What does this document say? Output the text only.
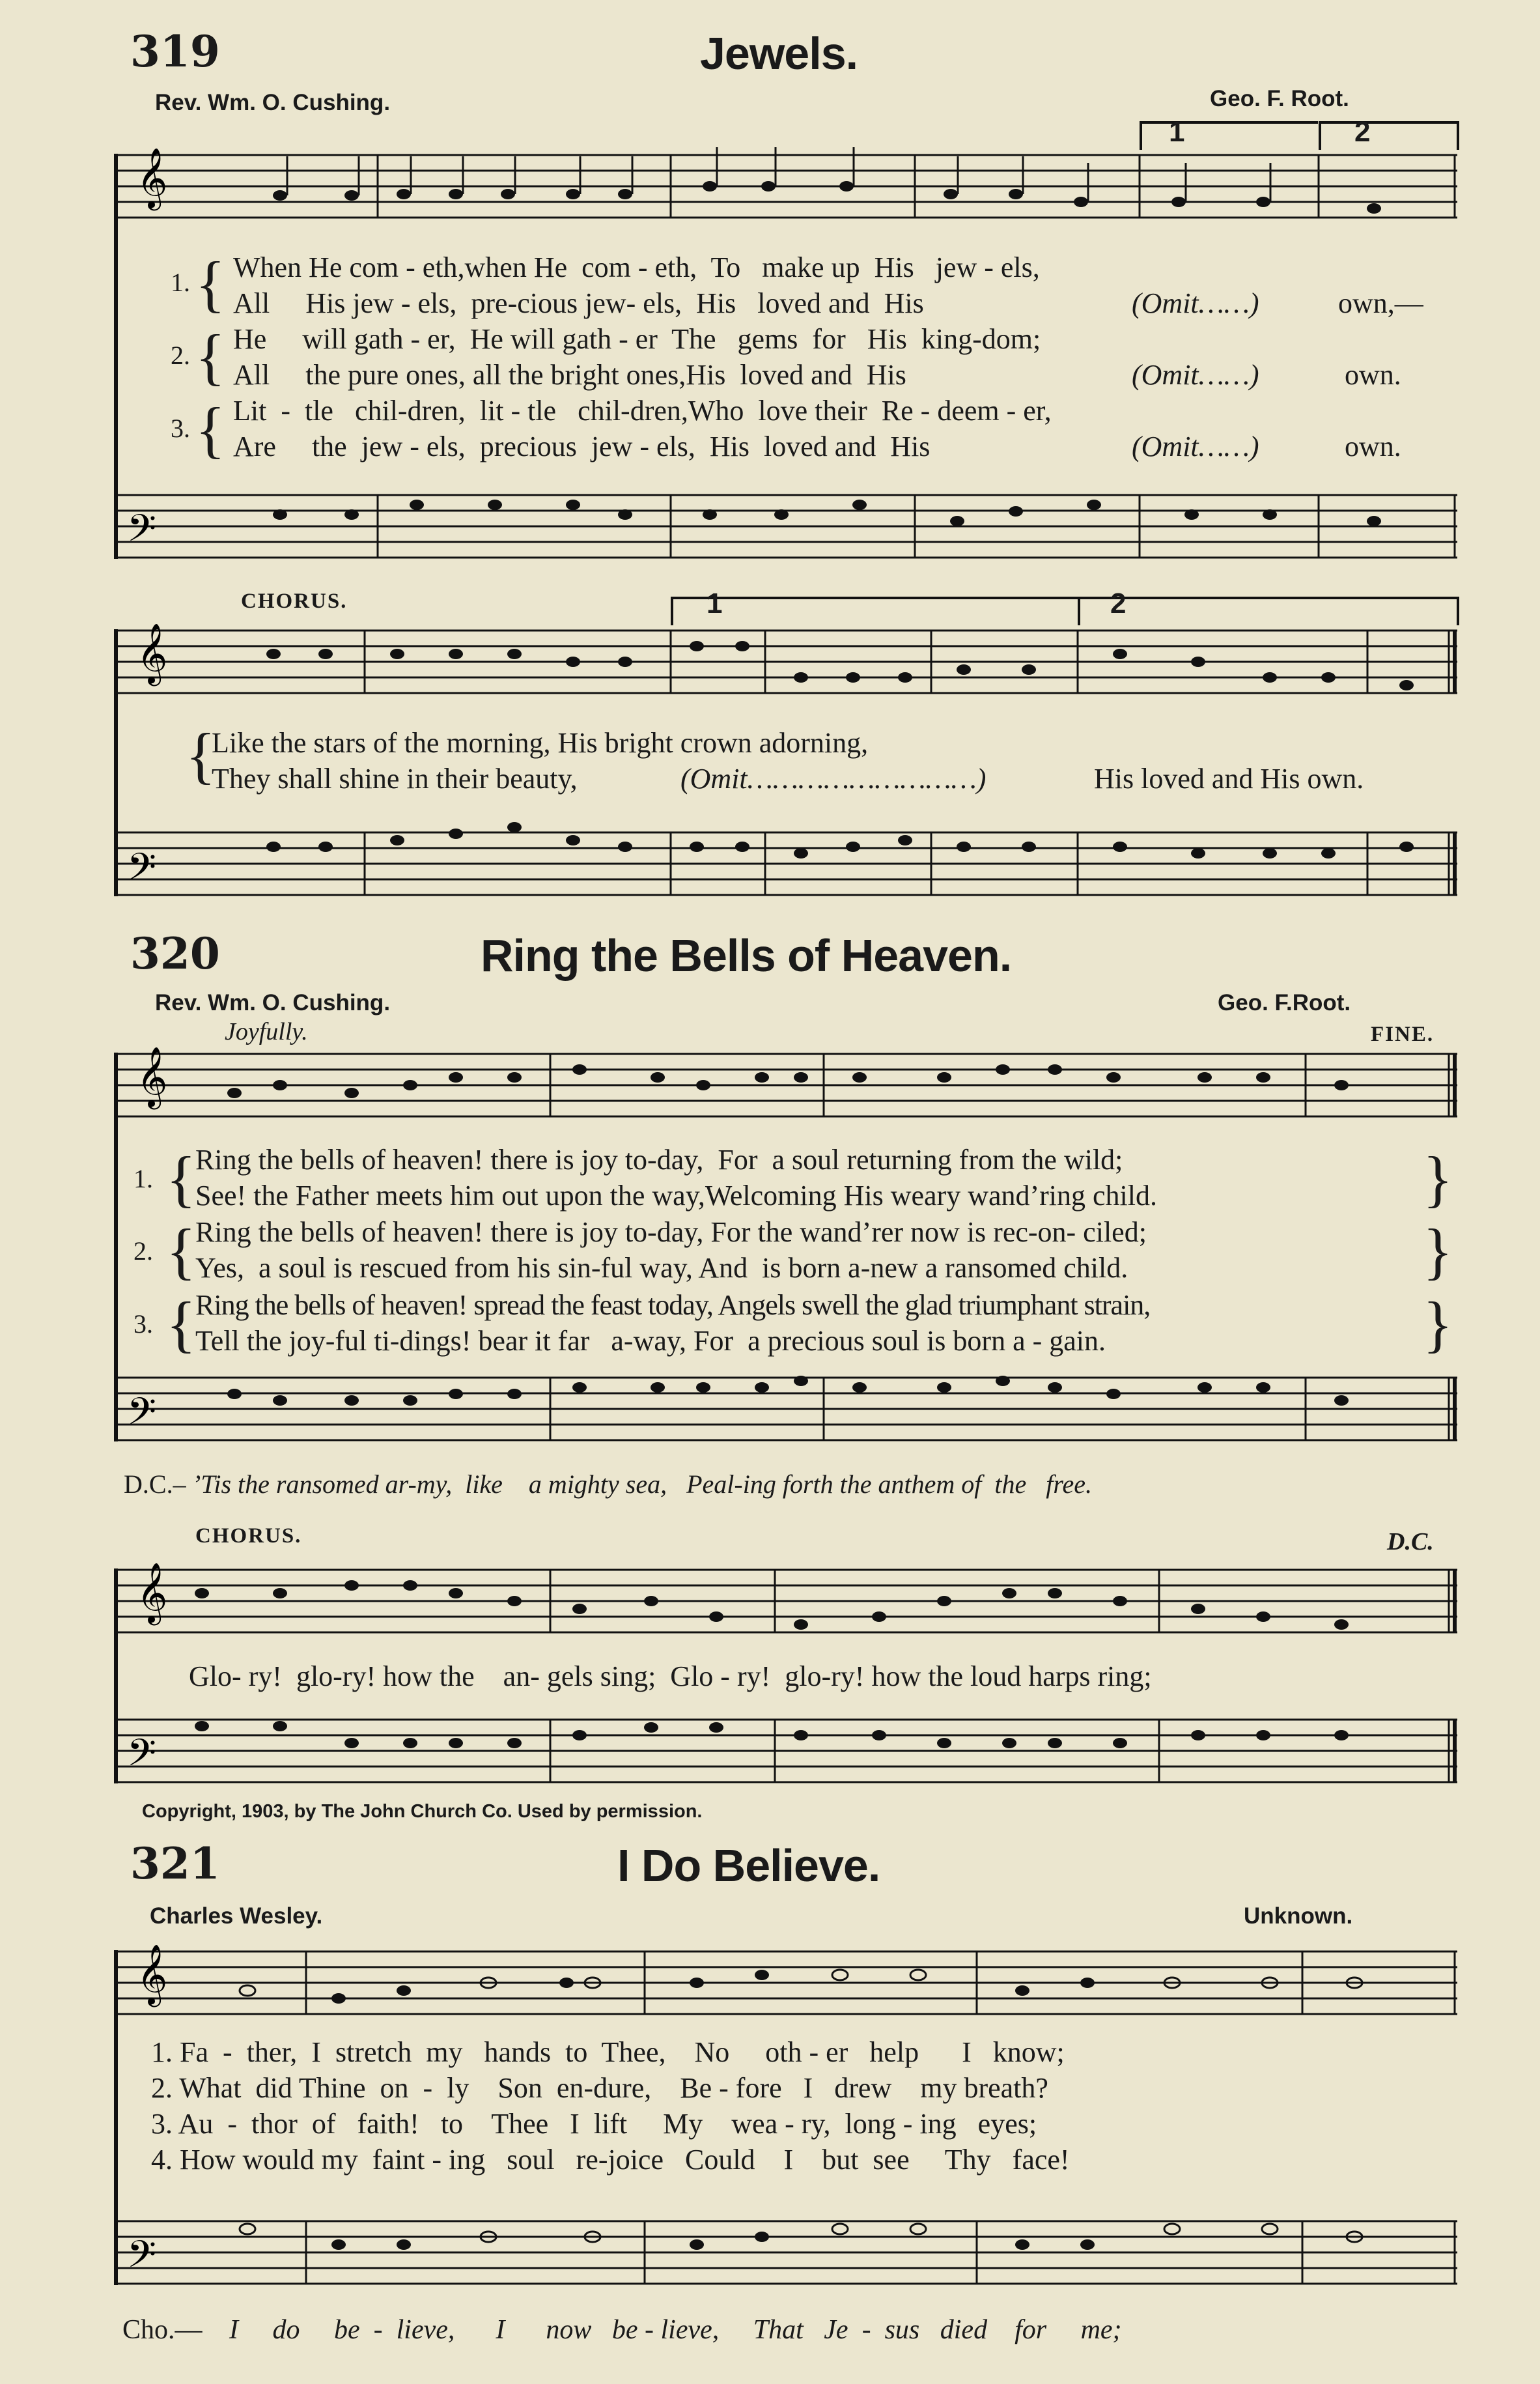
319	Jewels.
Rev. Wm. O. Cushing.	Geo. F. Root.
1	2
𝄞
𝄢
1. { When He com - eth,when He  com - eth,  To   make up  His   jew - els,
All     His jew - els,  pre-cious jew- els,  His   loved and  His	(Omit……)	own,—
2. { He     will gath - er,  He will gath - er  The   gems  for   His  king-dom;
All     the pure ones, all the bright ones,His  loved and  His	(Omit……)	own.
3. { Lit  -  tle   chil-dren,  lit - tle   chil-dren,Who  love their  Re - deem - er,
Are     the  jew - els,  precious  jew - els,  His  loved and  His	(Omit……)	own.
CHORUS.	1	2
𝄞
𝄢
{
Like the stars of the morning, His bright crown adorning,
They shall shine in their beauty,	(Omit………………………)	His loved and His own.
320	Ring the Bells of Heaven.
Rev. Wm. O. Cushing.	Geo. F.Root.
Joyfully.	FINE.
𝄞
𝄢
1. {
Ring the bells of heaven! there is joy to-day,  For  a soul returning from the wild;
See! the Father meets him out upon the way,Welcoming His weary wand’ring child.	}
2. {
Ring the bells of heaven! there is joy to-day, For the wand’rer now is rec-on- ciled;
Yes,  a soul is rescued from his sin-ful way, And  is born a-new a ransomed child.	}
3. {
Ring the bells of heaven! spread the feast today, Angels swell the glad triumphant strain,
Tell the joy-ful ti-dings! bear it far   a-way, For  a precious soul is born a - gain.	}
D.C.– ’Tis the ransomed ar-my,  like    a mighty sea,   Peal-ing forth the anthem of  the   free.
CHORUS.	D.C.
𝄞
𝄢
Glo- ry!  glo-ry! how the    an- gels sing;  Glo - ry!  glo-ry! how the loud harps ring;
Copyright, 1903, by The John Church Co. Used by permission.
321	I Do Believe.
Charles Wesley.	Unknown.
𝄞
𝄢
1. Fa  -  ther,  I  stretch  my   hands  to  Thee,    No     oth - er   help      I   know;
2. What  did Thine  on  -  ly    Son  en-dure,    Be - fore   I   drew    my breath?
3. Au  -  thor  of   faith!   to    Thee   I  lift     My    wea - ry,  long - ing   eyes;
4. How would my  faint - ing   soul   re-joice   Could    I    but  see     Thy   face!
Cho.— I     do     be  -  lieve,      I      now   be - lieve,     That   Je  -  sus   died    for     me;
